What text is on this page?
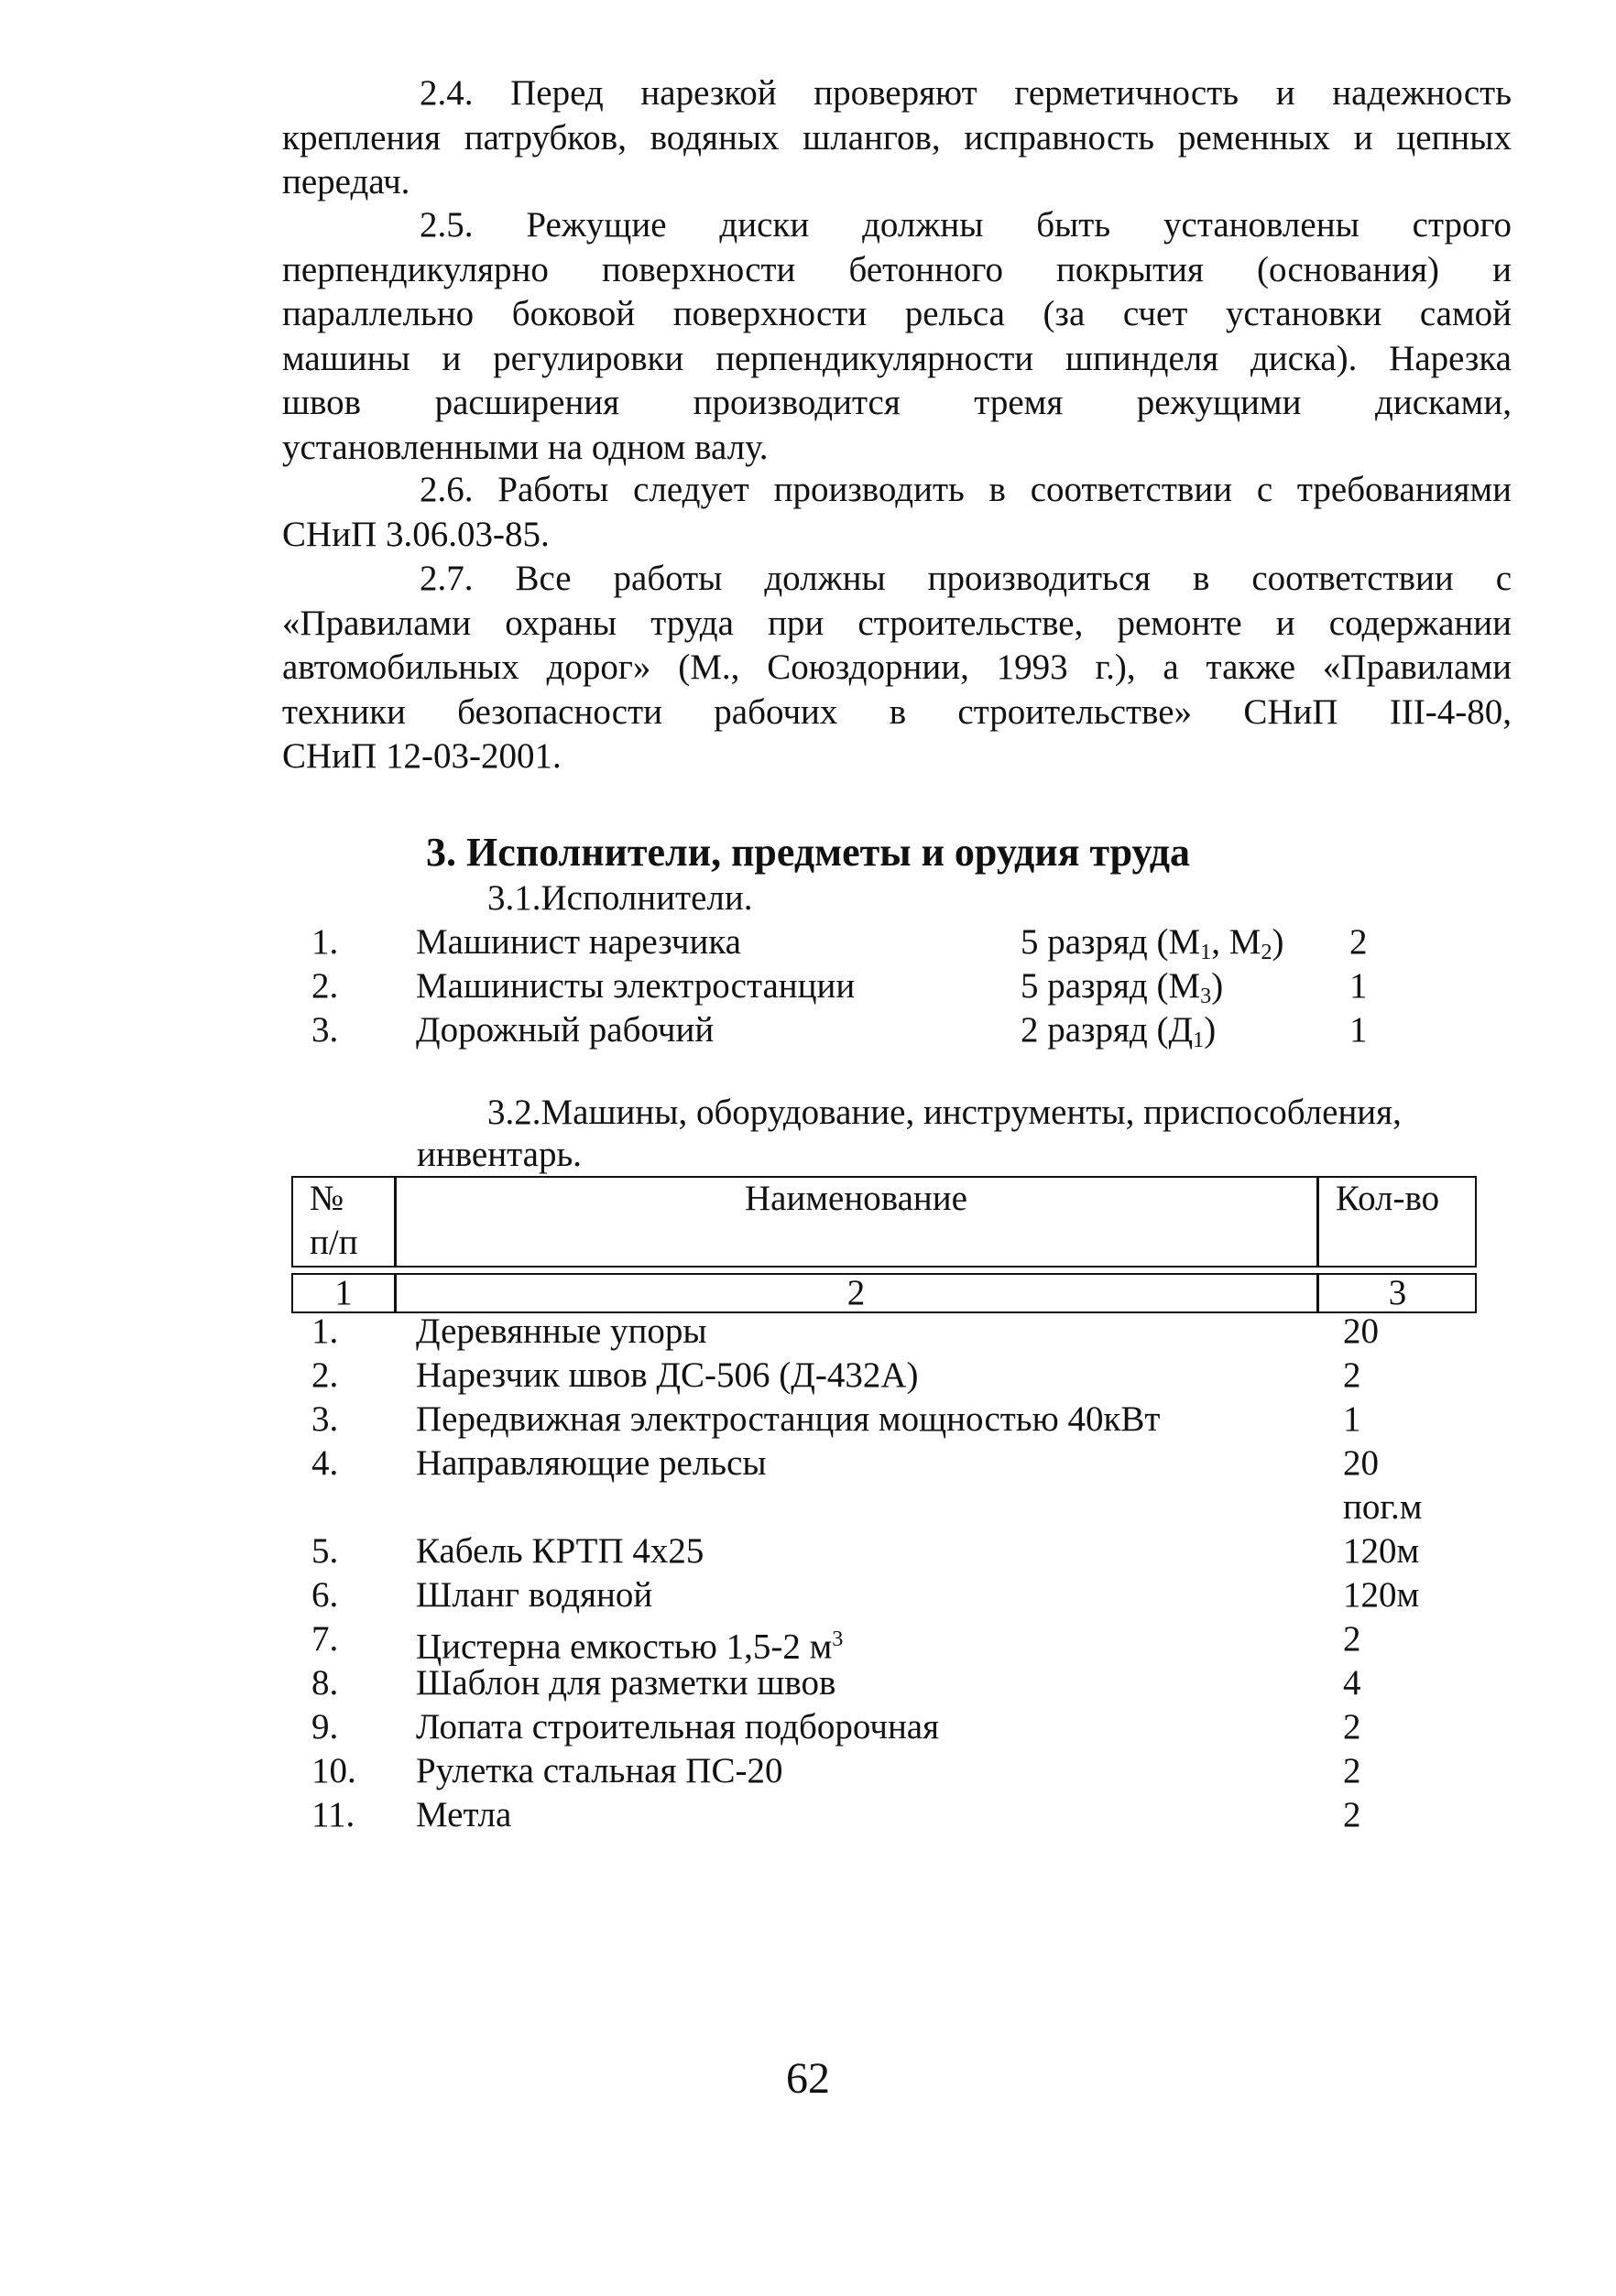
2.4. Перед нарезкой проверяют герметичность и надежность
крепления патрубков, водяных шлангов, исправность ременных и цепных
передач.
2.5. Режущие диски должны быть установлены строго
перпендикулярно поверхности бетонного покрытия (основания) и
параллельно боковой поверхности рельса (за счет установки самой
машины и регулировки перпендикулярности шпинделя диска). Нарезка
швов расширения производится тремя режущими дисками,
установленными на одном валу.
2.6. Работы следует производить в соответствии с требованиями
СНиП 3.06.03-85.
2.7. Все работы должны производиться в соответствии с
«Правилами охраны труда при строительстве, ремонте и содержании
автомобильных дорог» (М., Союздорнии, 1993 г.), а также «Правилами
техники безопасности рабочих в строительстве» СНиП III-4-80,
СНиП 12-03-2001.
3. Исполнители, предметы и орудия труда
3.1.Исполнители.
1. Машинист нарезчика	5 разряд ($М_1$, $М_2$) 2
2. Машинисты электростанции	5 разряд $(М_3)$	1
3. Дорожный рабочий	2 разряд $(Д_1)$	1
3.2.Машины, оборудование, инструменты, приспособления,
инвентарь.
№
п/п
Наименование	Кол-во
1	2	3
1. Деревянные упоры	20
2. Нарезчик швов ДС-506 (Д-432А)	2
3. Передвижная электростанция мощностью 40кВт	1
4. Направляющие рельсы	20
пог.м
5. Кабель КРТП 4х25	120м
6. Шланг водяной	120м
7. Цистерна емкостью 1,5-2 $м^3$	2
8. Шаблон для разметки швов	4
9. Лопата строительная подборочная	2
10. Рулетка стальная ПС-20	2
11. Метла	2
62
